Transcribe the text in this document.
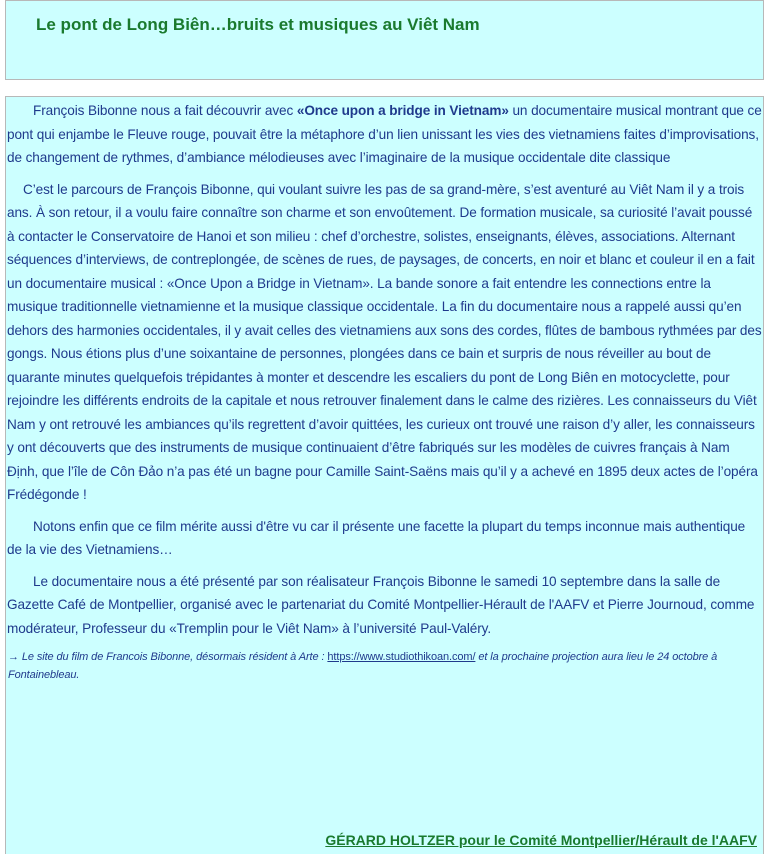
Le pont de Long Biên…bruits et musiques au Viêt Nam

François Bibonne nous a fait découvrir avec «Once upon a bridge in Vietnam» un documentaire musical montrant que ce pont qui enjambe le Fleuve rouge, pouvait être la métaphore d’un lien unissant les vies des vietnamiens faites d’improvisations, de changement de rythmes, d’ambiance mélodieuses avec l’imaginaire de la musique occidentale dite classique

C’est le parcours de François Bibonne, qui voulant suivre les pas de sa grand-mère, s’est aventuré au Viêt Nam il y a trois ans. À son retour, il a voulu faire connaître son charme et son envoûtement. De formation musicale, sa curiosité l’avait poussé à contacter le Conservatoire de Hanoi et son milieu : chef d’orchestre, solistes, enseignants, élèves, associations. Alternant séquences d’interviews, de contreplongée, de scènes de rues, de paysages, de concerts, en noir et blanc et couleur il en a fait un documentaire musical : «Once Upon a Bridge in Vietnam». La bande sonore a fait entendre les connections entre la musique traditionnelle vietnamienne et la musique classique occidentale. La fin du documentaire nous a rappelé aussi qu’en dehors des harmonies occidentales, il y avait celles des vietnamiens aux sons des cordes, flûtes de bambous rythmées par des gongs. Nous étions plus d’une soixantaine de personnes, plongées dans ce bain et surpris de nous réveiller au bout de quarante minutes quelquefois trépidantes à monter et descendre les escaliers du pont de Long Biên en motocyclette, pour rejoindre les différents endroits de la capitale et nous retrouver finalement dans le calme des rizières. Les connaisseurs du Viêt Nam y ont retrouvé les ambiances qu’ils regrettent d’avoir quittées, les curieux ont trouvé une raison d’y aller, les connaisseurs y ont découverts que des instruments de musique continuaient d’être fabriqués sur les modèles de cuivres français à Nam Định, que l’île de Côn Đảo n’a pas été un bagne pour Camille Saint-Saëns mais qu’il y a achevé en 1895 deux actes de l’opéra Frédégonde !

Notons enfin que ce film mérite aussi d'être vu car il présente une facette la plupart du temps inconnue mais authentique de la vie des Vietnamiens…

Le documentaire nous a été présenté par son réalisateur François Bibonne le samedi 10 septembre dans la salle de Gazette Café de Montpellier, organisé avec le partenariat du Comité Montpellier-Hérault de l'AAFV et Pierre Journoud, comme modérateur, Professeur du «Tremplin pour le Viêt Nam» à l’université Paul-Valéry.

→ Le site du film de Francois Bibonne, désormais résident à Arte : https://www.studiothikoan.com/ et la prochaine projection aura lieu le 24 octobre à Fontainebleau.
GÉRARD HOLTZER pour le Comité Montpellier/Hérault de l'AAFV
